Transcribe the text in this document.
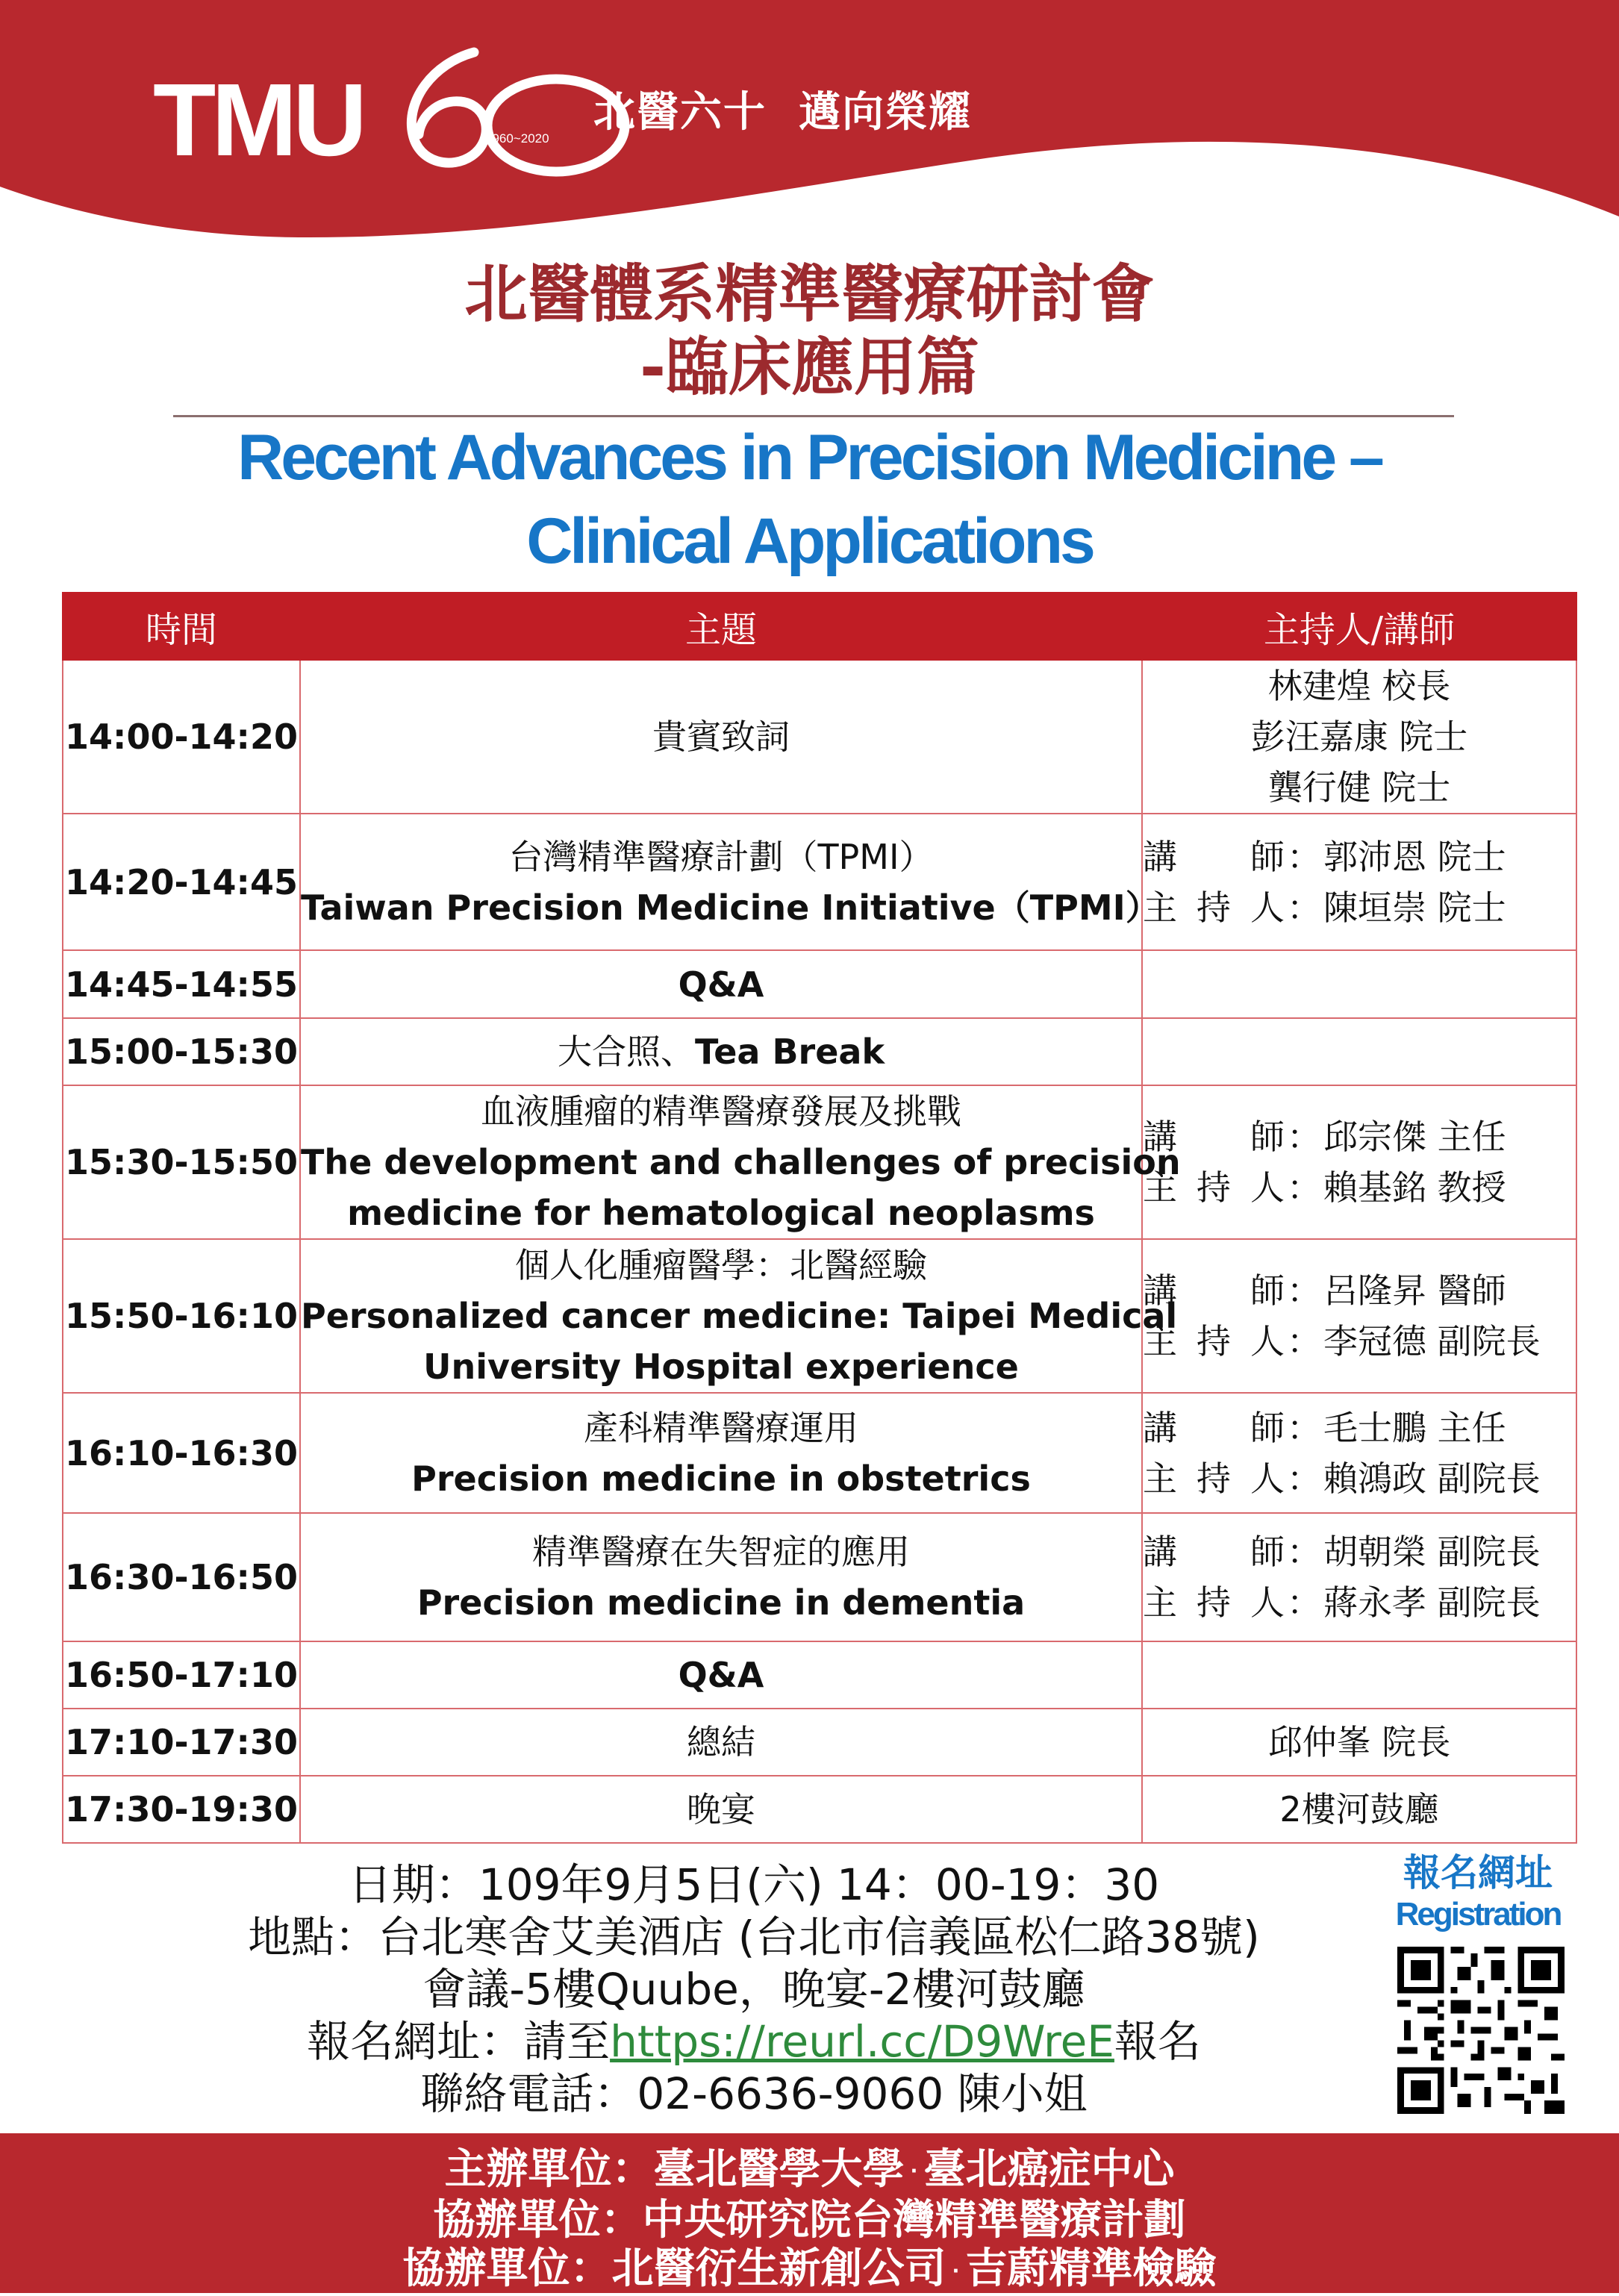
TMU	1960~2020
北醫六十  邁向榮耀
北醫體系精準醫療研討會
-臨床應用篇
Recent Advances in Precision Medicine –
Clinical Applications
時間	主題	主持人/講師
14:00-14:20	貴賓致詞	林建煌 校長
彭汪嘉康 院士
龔行健 院士

14:20-14:45	台灣精準醫療計劃（TPMI）
Taiwan Precision Medicine Initiative（TPMI）	講師：郭沛恩 院士
主持人：陳垣崇 院士

14:45-14:55	Q&A	
15:00-15:30	大合照、Tea Break	
15:30-15:50	血液腫瘤的精準醫療發展及挑戰
The development and challenges of precision
medicine for hematological neoplasms	講師：邱宗傑 主任
主持人：賴基銘 教授

15:50-16:10	個人化腫瘤醫學：北醫經驗
Personalized cancer medicine: Taipei Medical
University Hospital experience	講師：呂隆昇 醫師
主持人：李冠德 副院長

16:10-16:30	產科精準醫療運用
Precision medicine in obstetrics	講師：毛士鵬 主任
主持人：賴鴻政 副院長

16:30-16:50	精準醫療在失智症的應用
Precision medicine in dementia	講師：胡朝榮 副院長
主持人：蔣永孝 副院長

16:50-17:10	Q&A	
17:10-17:30	總結	邱仲峯 院長
17:30-19:30	晚宴	2樓河鼓廳
日期：109年9月5日(六) 14：00-19：30
地點：台北寒舍艾美酒店 (台北市信義區松仁路38號)
會議-5樓Quube，晚宴-2樓河鼓廳
報名網址：請至https://reurl.cc/D9WreE報名
聯絡電話：02-6636-9060 陳小姐
報名網址
Registration
主辦單位：臺北醫學大學 · 臺北癌症中心
協辦單位：中央研究院台灣精準醫療計劃
協辦單位：北醫衍生新創公司 · 吉蔚精準檢驗
